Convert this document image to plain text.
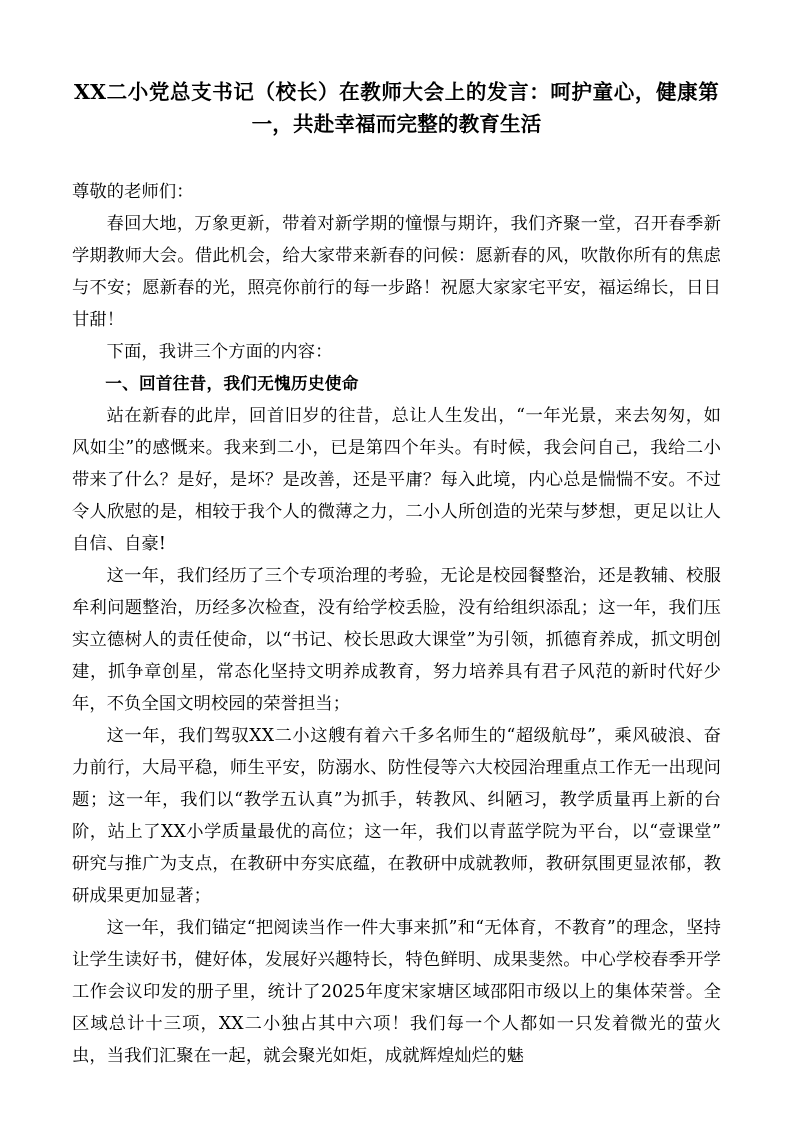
XX二小党总支书记（校长）在教师大会上的发言：呵护童心，健康第一，共赴幸福而完整的教育生活

尊敬的老师们：

春回大地，万象更新，带着对新学期的憧憬与期许，我们齐聚一堂，召开春季新学期教师大会。借此机会，给大家带来新春的问候：愿新春的风，吹散你所有的焦虑与不安；愿新春的光，照亮你前行的每一步路！祝愿大家家宅平安，福运绵长，日日甘甜！

下面，我讲三个方面的内容：

一、回首往昔，我们无愧历史使命

站在新春的此岸，回首旧岁的往昔，总让人生发出，“一年光景，来去匆匆，如风如尘”的感慨来。我来到二小，已是第四个年头。有时候，我会问自己，我给二小带来了什么？是好，是坏？是改善，还是平庸？每入此境，内心总是惴惴不安。不过令人欣慰的是，相较于我个人的微薄之力，二小人所创造的光荣与梦想，更足以让人自信、自豪!

这一年，我们经历了三个专项治理的考验，无论是校园餐整治，还是教辅、校服牟利问题整治，历经多次检查，没有给学校丢脸，没有给组织添乱；这一年，我们压实立德树人的责任使命，以“书记、校长思政大课堂”为引领，抓德育养成，抓文明创建，抓争章创星，常态化坚持文明养成教育，努力培养具有君子风范的新时代好少年，不负全国文明校园的荣誉担当；

这一年，我们驾驭XX二小这艘有着六千多名师生的“超级航母”，乘风破浪、奋力前行，大局平稳，师生平安，防溺水、防性侵等六大校园治理重点工作无一出现问题；这一年，我们以“教学五认真”为抓手，转教风、纠陋习，教学质量再上新的台阶，站上了XX小学质量最优的高位；这一年，我们以青蓝学院为平台，以“壹课堂”研究与推广为支点，在教研中夯实底蕴，在教研中成就教师，教研氛围更显浓郁，教研成果更加显著；

这一年，我们锚定“把阅读当作一件大事来抓”和“无体育，不教育”的理念，坚持让学生读好书，健好体，发展好兴趣特长，特色鲜明、成果斐然。中心学校春季开学工作会议印发的册子里，统计了2025年度宋家塘区域邵阳市级以上的集体荣誉。全区域总计十三项，XX二小独占其中六项！我们每一个人都如一只发着微光的萤火虫，当我们汇聚在一起，就会聚光如炬，成就辉煌灿烂的魅
